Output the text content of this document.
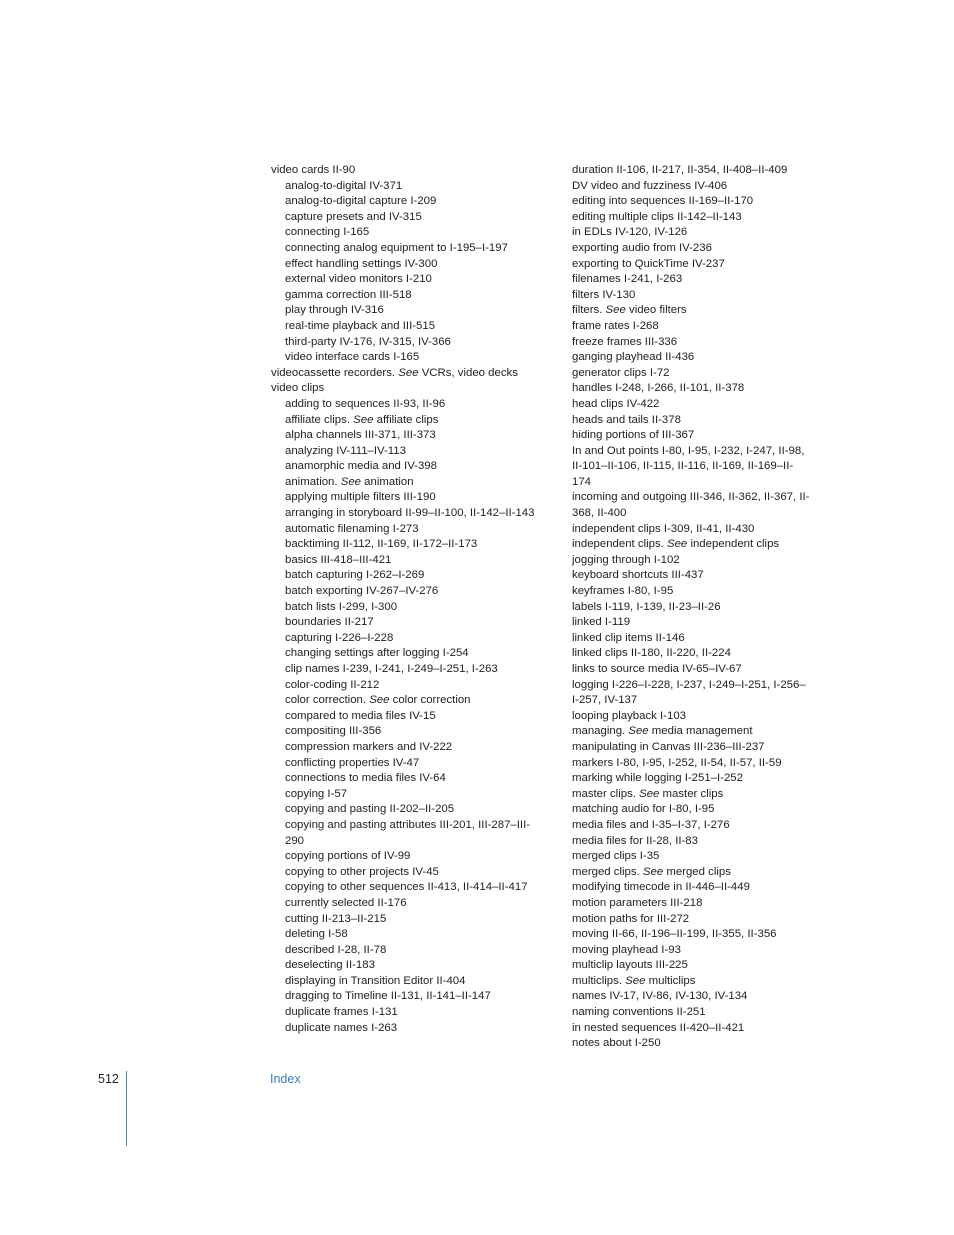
video cards II-90
analog-to-digital IV-371
analog-to-digital capture I-209
capture presets and IV-315
connecting I-165
connecting analog equipment to I-195–I-197
effect handling settings IV-300
external video monitors I-210
gamma correction III-518
play through IV-316
real-time playback and III-515
third-party IV-176, IV-315, IV-366
video interface cards I-165
videocassette recorders. See VCRs, video decks
video clips
adding to sequences II-93, II-96
affiliate clips. See affiliate clips
alpha channels III-371, III-373
analyzing IV-111–IV-113
anamorphic media and IV-398
animation. See animation
applying multiple filters III-190
arranging in storyboard II-99–II-100, II-142–II-143
automatic filenaming I-273
backtiming II-112, II-169, II-172–II-173
basics III-418–III-421
batch capturing I-262–I-269
batch exporting IV-267–IV-276
batch lists I-299, I-300
boundaries II-217
capturing I-226–I-228
changing settings after logging I-254
clip names I-239, I-241, I-249–I-251, I-263
color-coding II-212
color correction. See color correction
compared to media files IV-15
compositing III-356
compression markers and IV-222
conflicting properties IV-47
connections to media files IV-64
copying I-57
copying and pasting II-202–II-205
copying and pasting attributes III-201, III-287–III-290
copying portions of IV-99
copying to other projects IV-45
copying to other sequences II-413, II-414–II-417
currently selected II-176
cutting II-213–II-215
deleting I-58
described I-28, II-78
deselecting II-183
displaying in Transition Editor II-404
dragging to Timeline II-131, II-141–II-147
duplicate frames I-131
duplicate names I-263
duration II-106, II-217, II-354, II-408–II-409
DV video and fuzziness IV-406
editing into sequences II-169–II-170
editing multiple clips II-142–II-143
in EDLs IV-120, IV-126
exporting audio from IV-236
exporting to QuickTime IV-237
filenames I-241, I-263
filters IV-130
filters. See video filters
frame rates I-268
freeze frames III-336
ganging playhead II-436
generator clips I-72
handles I-248, I-266, II-101, II-378
head clips IV-422
heads and tails II-378
hiding portions of III-367
In and Out points I-80, I-95, I-232, I-247, II-98, II-101–II-106, II-115, II-116, II-169, II-169–II-174
incoming and outgoing III-346, II-362, II-367, II-368, II-400
independent clips I-309, II-41, II-430
independent clips. See independent clips
jogging through I-102
keyboard shortcuts III-437
keyframes I-80, I-95
labels I-119, I-139, II-23–II-26
linked I-119
linked clip items II-146
linked clips II-180, II-220, II-224
links to source media IV-65–IV-67
logging I-226–I-228, I-237, I-249–I-251, I-256–I-257, IV-137
looping playback I-103
managing. See media management
manipulating in Canvas III-236–III-237
markers I-80, I-95, I-252, II-54, II-57, II-59
marking while logging I-251–I-252
master clips. See master clips
matching audio for I-80, I-95
media files and I-35–I-37, I-276
media files for II-28, II-83
merged clips I-35
merged clips. See merged clips
modifying timecode in II-446–II-449
motion parameters III-218
motion paths for III-272
moving II-66, II-196–II-199, II-355, II-356
moving playhead I-93
multiclip layouts III-225
multiclips. See multiclips
names IV-17, IV-86, IV-130, IV-134
naming conventions II-251
in nested sequences II-420–II-421
notes about I-250
512	Index
